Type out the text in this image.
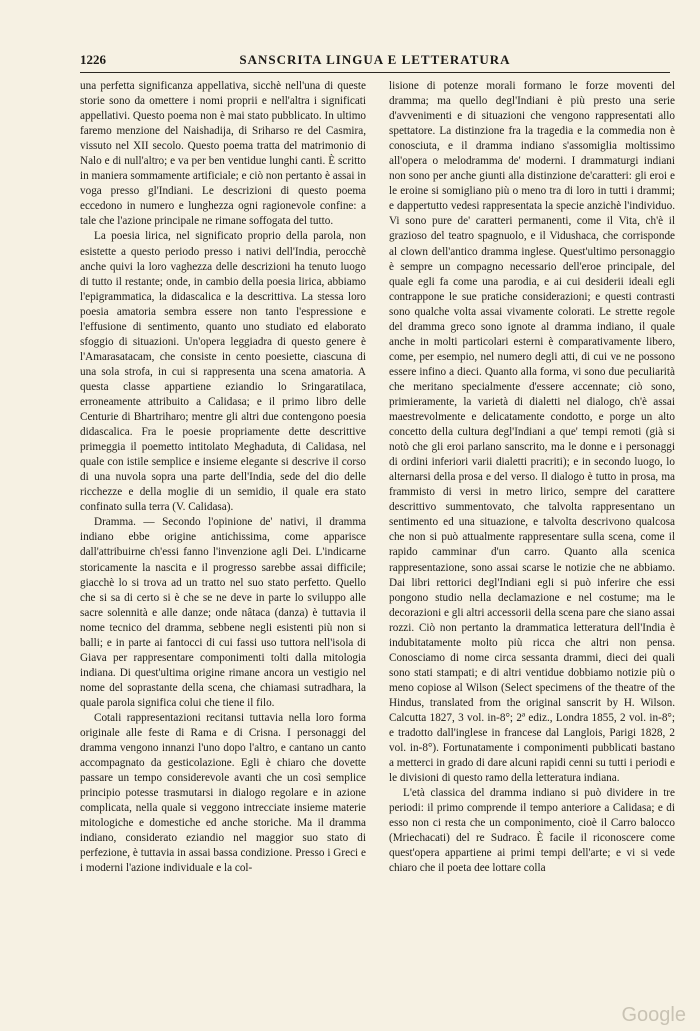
1226	SANSCRITA LINGUA E LETTERATURA

una perfetta significanza appellativa, sicchè nell'una di queste storie sono da omettere i nomi proprii e nell'altra i significati appellativi. Questo poema non è mai stato pubblicato. In ultimo faremo menzione del Naishadija, di Sriharso re del Casmira, vissuto nel XII secolo. Questo poema tratta del matrimonio di Nalo e di null'altro; e va per ben ventidue lunghi canti. È scritto in maniera sommamente artificiale; e ciò non pertanto è assai in voga presso gl'Indiani. Le descrizioni di questo poema eccedono in numero e lunghezza ogni ragionevole confine: a tale che l'azione principale ne rimane soffogata del tutto.

La poesia lirica, nel significato proprio della parola, non esistette a questo periodo presso i nativi dell'India, perocchè anche quivi la loro vaghezza delle descrizioni ha tenuto luogo di tutto il restante; onde, in cambio della poesia lirica, abbiamo l'epigrammatica, la didascalica e la descrittiva. La stessa loro poesia amatoria sembra essere non tanto l'espressione e l'effusione di sentimento, quanto uno studiato ed elaborato sfoggio di situazioni. Un'opera leggiadra di questo genere è l'Amarasatacam, che consiste in cento poesiette, ciascuna di una sola strofa, in cui si rappresenta una scena amatoria. A questa classe appartiene eziandio lo Sringaratilaca, erroneamente attribuito a Calidasa; e il primo libro delle Centurie di Bhartriharo; mentre gli altri due contengono poesia didascalica. Fra le poesie propriamente dette descrittive primeggia il poemetto intitolato Meghaduta, di Calidasa, nel quale con istile semplice e insieme elegante si descrive il corso di una nuvola sopra una parte dell'India, sede del dio delle ricchezze e della moglie di un semidio, il quale era stato confinato sulla terra (V. Calidasa).

Dramma. — Secondo l'opinione de' nativi, il dramma indiano ebbe origine antichissima, come apparisce dall'attribuirne ch'essi fanno l'invenzione agli Dei. L'indicarne storicamente la nascita e il progresso sarebbe assai difficile; giacchè lo si trova ad un tratto nel suo stato perfetto. Quello che si sa di certo si è che se ne deve in parte lo sviluppo alle sacre solennità e alle danze; onde nâtaca (danza) è tuttavia il nome tecnico del dramma, sebbene negli esistenti più non si balli; e in parte ai fantocci di cui fassi uso tuttora nell'isola di Giava per rappresentare componimenti tolti dalla mitologia indiana. Di quest'ultima origine rimane ancora un vestigio nel nome del soprastante della scena, che chiamasi sutradhara, la quale parola significa colui che tiene il filo.

Cotali rappresentazioni recitansi tuttavia nella loro forma originale alle feste di Rama e di Crisna. I personaggi del dramma vengono innanzi l'uno dopo l'altro, e cantano un canto accompagnato da gesticolazione. Egli è chiaro che dovette passare un tempo considerevole avanti che un così semplice principio potesse trasmutarsi in dialogo regolare e in azione complicata, nella quale si veggono intrecciate insieme materie mitologiche e domestiche ed anche storiche. Ma il dramma indiano, considerato eziandio nel maggior suo stato di perfezione, è tuttavia in assai bassa condizione. Presso i Greci e i moderni l'azione individuale e la col-

lisione di potenze morali formano le forze moventi del dramma; ma quello degl'Indiani è più presto una serie d'avvenimenti e di situazioni che vengono rappresentati allo spettatore. La distinzione fra la tragedia e la commedia non è conosciuta, e il dramma indiano s'assomiglia moltissimo all'opera o melodramma de' moderni. I drammaturgi indiani non sono per anche giunti alla distinzione de'caratteri: gli eroi e le eroine si somigliano più o meno tra di loro in tutti i drammi; e dappertutto vedesi rappresentata la specie anzichè l'individuo. Vi sono pure de' caratteri permanenti, come il Vita, ch'è il grazioso del teatro spagnuolo, e il Vidushaca, che corrisponde al clown dell'antico dramma inglese. Quest'ultimo personaggio è sempre un compagno necessario dell'eroe principale, del quale egli fa come una parodia, e ai cui desiderii ideali egli contrappone le sue pratiche considerazioni; e questi contrasti sono qualche volta assai vivamente colorati. Le strette regole del dramma greco sono ignote al dramma indiano, il quale anche in molti particolari esterni è comparativamente libero, come, per esempio, nel numero degli atti, di cui ve ne possono essere infino a dieci. Quanto alla forma, vi sono due peculiarità che meritano specialmente d'essere accennate; ciò sono, primieramente, la varietà di dialetti nel dialogo, ch'è assai maestrevolmente e delicatamente condotto, e porge un alto concetto della cultura degl'Indiani a que' tempi remoti (già si notò che gli eroi parlano sanscrito, ma le donne e i personaggi di ordini inferiori varii dialetti pracriti); e in secondo luogo, lo alternarsi della prosa e del verso. Il dialogo è tutto in prosa, ma frammisto di versi in metro lirico, sempre del carattere descrittivo summentovato, che talvolta rappresentano un sentimento ed una situazione, e talvolta descrivono qualcosa che non si può attualmente rappresentare sulla scena, come il rapido camminar d'un carro. Quanto alla scenica rappresentazione, sono assai scarse le notizie che ne abbiamo. Dai libri rettorici degl'Indiani egli si può inferire che essi pongono studio nella declamazione e nel costume; ma le decorazioni e gli altri accessorii della scena pare che siano assai rozzi. Ciò non pertanto la drammatica letteratura dell'India è indubitatamente molto più ricca che altri non pensa. Conosciamo di nome circa sessanta drammi, dieci dei quali sono stati stampati; e di altri ventidue dobbiamo notizie più o meno copiose al Wilson (Select specimens of the theatre of the Hindus, translated from the original sanscrit by H. Wilson. Calcutta 1827, 3 vol. in-8°; 2ª ediz., Londra 1855, 2 vol. in-8°; e tradotto dall'inglese in francese dal Langlois, Parigi 1828, 2 vol. in-8°). Fortunatamente i componimenti pubblicati bastano a metterci in grado di dare alcuni rapidi cenni su tutti i periodi e le divisioni di questo ramo della letteratura indiana.

L'età classica del dramma indiano si può dividere in tre periodi: il primo comprende il tempo anteriore a Calidasa; e di esso non ci resta che un componimento, cioè il Carro balocco (Mriechacati) del re Sudraco. È facile il riconoscere come quest'opera appartiene ai primi tempi dell'arte; e vi si vede chiaro che il poeta dee lottare colla

Google
